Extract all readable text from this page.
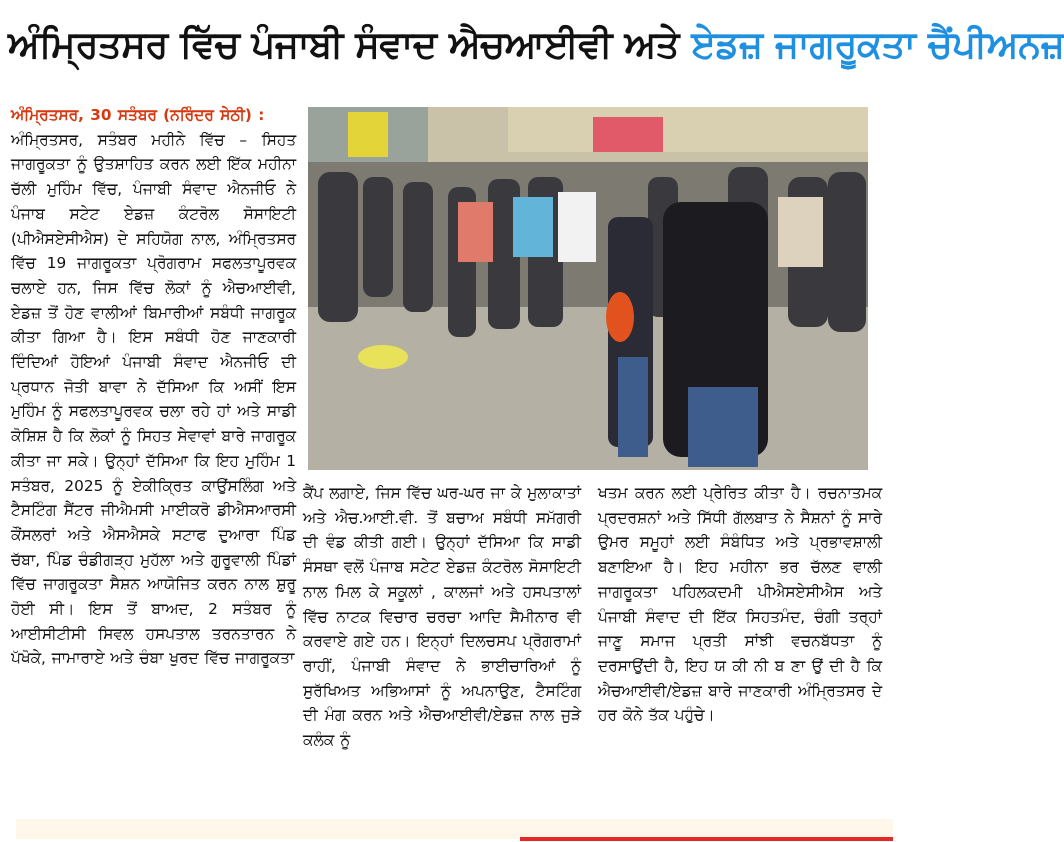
ਅੰਮ੍ਰਿਤਸਰ ਵਿੱਚ ਪੰਜਾਬੀ ਸੰਵਾਦ ਐਚਆਈਵੀ ਅਤੇ ਏਡਜ਼ ਜਾਗਰੂਕਤਾ ਚੈਂਪੀਅਨਜ਼

ਅੰਮ੍ਰਿਤਸਰ, 30 ਸਤੰਬਰ (ਨਰਿੰਦਰ ਸੇਠੀ) :

ਅੰਮ੍ਰਿਤਸਰ, ਸਤੰਬਰ ਮਹੀਨੇ ਵਿੱਚ – ਸਿਹਤ ਜਾਗਰੂਕਤਾ ਨੂੰ ਉਤਸ਼ਾਹਿਤ ਕਰਨ ਲਈ ਇੱਕ ਮਹੀਨਾ ਚੱਲੀ ਮੁਹਿੰਮ ਵਿੱਚ, ਪੰਜਾਬੀ ਸੰਵਾਦ ਐਨਜੀਓ ਨੇ ਪੰਜਾਬ ਸਟੇਟ ਏਡਜ਼ ਕੰਟਰੋਲ ਸੋਸਾਇਟੀ (ਪੀਐਸਏਸੀਐਸ) ਦੇ ਸਹਿਯੋਗ ਨਾਲ, ਅੰਮ੍ਰਿਤਸਰ ਵਿੱਚ 19 ਜਾਗਰੂਕਤਾ ਪ੍ਰੋਗਰਾਮ ਸਫਲਤਾਪੂਰਵਕ ਚਲਾਏ ਹਨ, ਜਿਸ ਵਿੱਚ ਲੋਕਾਂ ਨੂੰ ਐਚਆਈਵੀ, ਏਡਜ਼ ਤੋਂ ਹੋਣ ਵਾਲੀਆਂ ਬਿਮਾਰੀਆਂ ਸਬੰਧੀ ਜਾਗਰੂਕ ਕੀਤਾ ਗਿਆ ਹੈ। ਇਸ ਸਬੰਧੀ ਹੋਣ ਜਾਣਕਾਰੀ ਦਿੰਦਿਆਂ ਹੋਇਆਂ ਪੰਜਾਬੀ ਸੰਵਾਦ ਐਨਜੀਓ ਦੀ ਪ੍ਰਧਾਨ ਜੋਤੀ ਬਾਵਾ ਨੇ ਦੱਸਿਆ ਕਿ ਅਸੀਂ ਇਸ ਮੁਹਿੰਮ ਨੂੰ ਸਫਲਤਾਪੂਰਵਕ ਚਲਾ ਰਹੇ ਹਾਂ ਅਤੇ ਸਾਡੀ ਕੋਸ਼ਿਸ਼ ਹੈ ਕਿ ਲੋਕਾਂ ਨੂੰ ਸਿਹਤ ਸੇਵਾਵਾਂ ਬਾਰੇ ਜਾਗਰੂਕ ਕੀਤਾ ਜਾ ਸਕੇ। ਉਨ੍ਹਾਂ ਦੱਸਿਆ ਕਿ ਇਹ ਮੁਹਿੰਮ 1 ਸਤੰਬਰ, 2025 ਨੂੰ ਏਕੀਕ੍ਰਿਤ ਕਾਉਂਸਲਿੰਗ ਅਤੇ ਟੈਸਟਿੰਗ ਸੈਂਟਰ ਜੀਐਮਸੀ ਮਾਈਕਰੋ ਡੀਐਸਆਰਸੀ ਕੌਂਸਲਰਾਂ ਅਤੇ ਐਸਐਸਕੇ ਸਟਾਫ ਦੁਆਰਾ ਪਿੰਡ ਚੱਬਾ, ਪਿੰਡ ਚੰਡੀਗੜ੍ਹ ਮੁਹੱਲਾ ਅਤੇ ਗੁਰੂਵਾਲੀ ਪਿੰਡਾਂ ਵਿੱਚ ਜਾਗਰੂਕਤਾ ਸੈਸ਼ਨ ਆਯੋਜਿਤ ਕਰਨ ਨਾਲ ਸ਼ੁਰੂ ਹੋਈ ਸੀ। ਇਸ ਤੋਂ ਬਾਅਦ, 2 ਸਤੰਬਰ ਨੂੰ ਆਈਸੀਟੀਸੀ ਸਿਵਲ ਹਸਪਤਾਲ ਤਰਨਤਾਰਨ ਨੇ ਪੱਖੋਕੇ, ਜਾਮਾਰਾਏ ਅਤੇ ਚੰਬਾ ਖੁਰਦ ਵਿੱਚ ਜਾਗਰੂਕਤਾ

ਕੈਂਪ ਲਗਾਏ, ਜਿਸ ਵਿੱਚ ਘਰ-ਘਰ ਜਾ ਕੇ ਮੁਲਾਕਾਤਾਂ ਅਤੇ ਐਚ.ਆਈ.ਵੀ. ਤੋਂ ਬਚਾਅ ਸਬੰਧੀ ਸਮੱਗਰੀ ਦੀ ਵੰਡ ਕੀਤੀ ਗਈ। ਉਨ੍ਹਾਂ ਦੱਸਿਆ ਕਿ ਸਾਡੀ ਸੰਸਥਾ ਵਲੋਂ ਪੰਜਾਬ ਸਟੇਟ ਏਡਜ਼ ਕੰਟਰੋਲ ਸੋਸਾਇਟੀ ਨਾਲ ਮਿਲ ਕੇ ਸਕੂਲਾਂ , ਕਾਲਜਾਂ ਅਤੇ ਹਸਪਤਾਲਾਂ ਵਿੱਚ ਨਾਟਕ ਵਿਚਾਰ ਚਰਚਾ ਆਦਿ ਸੈਮੀਨਾਰ ਵੀ ਕਰਵਾਏ ਗਏ ਹਨ। ਇਨ੍ਹਾਂ ਦਿਲਚਸਪ ਪ੍ਰੋਗਰਾਮਾਂ ਰਾਹੀਂ, ਪੰਜਾਬੀ ਸੰਵਾਦ ਨੇ ਭਾਈਚਾਰਿਆਂ ਨੂੰ ਸੁਰੱਖਿਅਤ ਅਭਿਆਸਾਂ ਨੂੰ ਅਪਨਾਉਣ, ਟੈਸਟਿੰਗ ਦੀ ਮੰਗ ਕਰਨ ਅਤੇ ਐਚਆਈਵੀ/ਏਡਜ਼ ਨਾਲ ਜੁੜੇ ਕਲੰਕ ਨੂੰ

ਖਤਮ ਕਰਨ ਲਈ ਪ੍ਰੇਰਿਤ ਕੀਤਾ ਹੈ। ਰਚਨਾਤਮਕ ਪ੍ਰਦਰਸ਼ਨਾਂ ਅਤੇ ਸਿੱਧੀ ਗੱਲਬਾਤ ਨੇ ਸੈਸ਼ਨਾਂ ਨੂੰ ਸਾਰੇ ਉਮਰ ਸਮੂਹਾਂ ਲਈ ਸੰਬੰਧਿਤ ਅਤੇ ਪ੍ਰਭਾਵਸ਼ਾਲੀ ਬਣਾਇਆ ਹੈ। ਇਹ ਮਹੀਨਾ ਭਰ ਚੱਲਣ ਵਾਲੀ ਜਾਗਰੂਕਤਾ ਪਹਿਲਕਦਮੀ ਪੀਐਸਏਸੀਐਸ ਅਤੇ ਪੰਜਾਬੀ ਸੰਵਾਦ ਦੀ ਇੱਕ ਸਿਹਤਮੰਦ, ਚੰਗੀ ਤਰ੍ਹਾਂ ਜਾਣੂ ਸਮਾਜ ਪ੍ਰਤੀ ਸਾਂਝੀ ਵਚਨਬੱਧਤਾ ਨੂੰ ਦਰਸਾਉਂਦੀ ਹੈ, ਇਹ ਯ ਕੀ ਨੀ ਬ ਣਾ ਉਂ ਦੀ ਹੈ ਕਿ ਐਚਆਈਵੀ/ਏਡਜ਼ ਬਾਰੇ ਜਾਣਕਾਰੀ ਅੰਮ੍ਰਿਤਸਰ ਦੇ ਹਰ ਕੋਨੇ ਤੱਕ ਪਹੁੰਚੇ।
